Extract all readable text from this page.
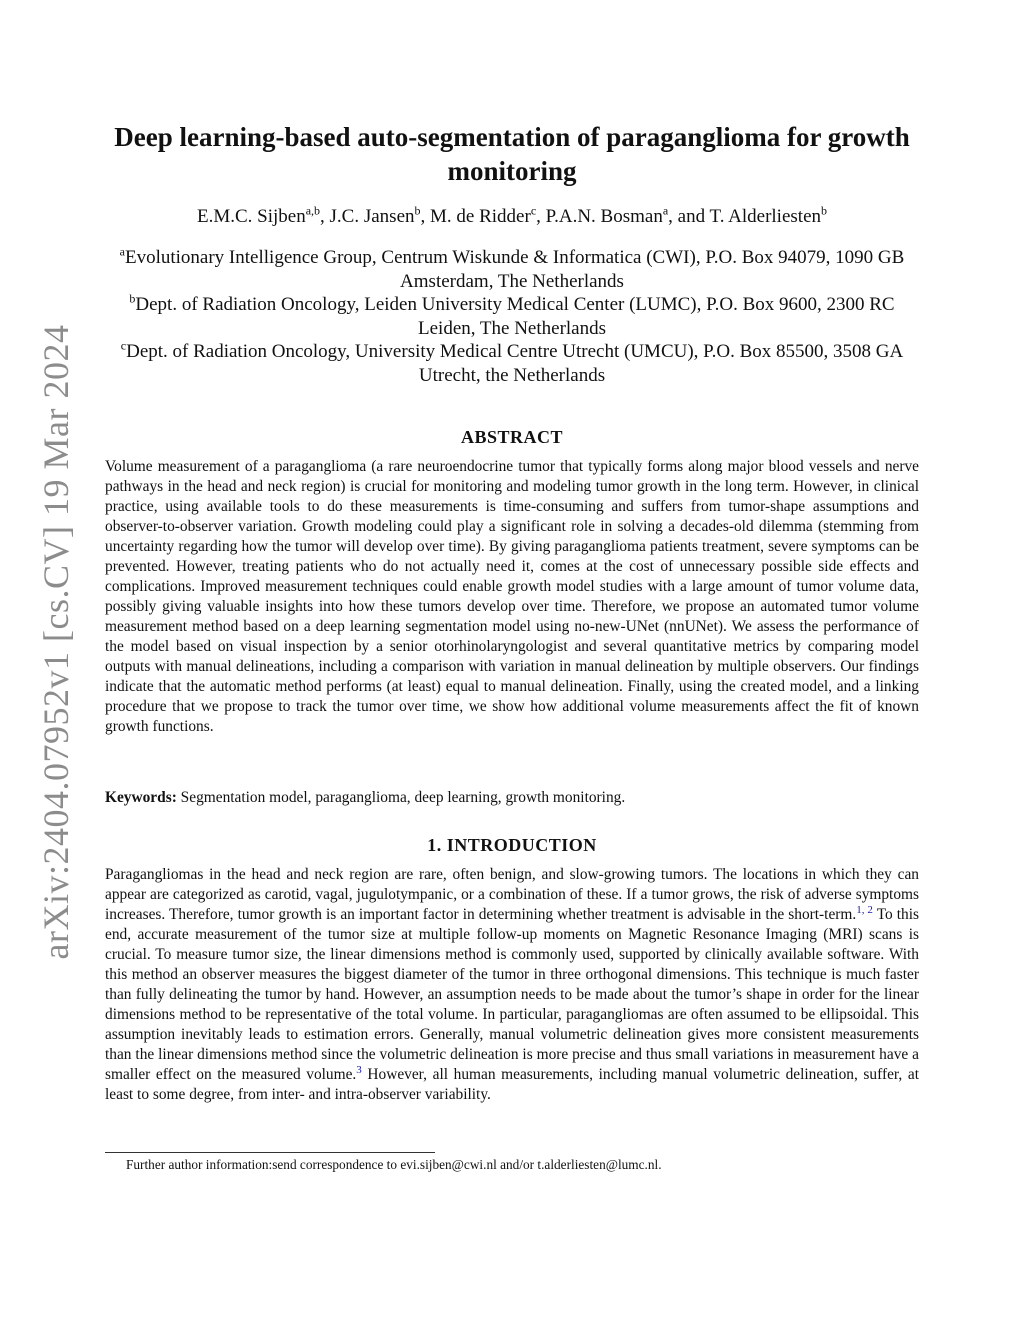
arXiv:2404.07952v1 [cs.CV] 19 Mar 2024
Deep learning-based auto-segmentation of paraganglioma for growth monitoring
E.M.C. Sijben$^{a,b}$, J.C. Jansen$^b$, M. de Ridder$^c$, P.A.N. Bosman$^a$, and T. Alderliesten$^b$

$^a$Evolutionary Intelligence Group, Centrum Wiskunde & Informatica (CWI), P.O. Box 94079, 1090 GB Amsterdam, The Netherlands

$^b$Dept. of Radiation Oncology, Leiden University Medical Center (LUMC), P.O. Box 9600, 2300 RC Leiden, The Netherlands

$^c$Dept. of Radiation Oncology, University Medical Centre Utrecht (UMCU), P.O. Box 85500, 3508 GA Utrecht, the Netherlands

ABSTRACT

Volume measurement of a paraganglioma (a rare neuroendocrine tumor that typically forms along major blood vessels and nerve pathways in the head and neck region) is crucial for monitoring and modeling tumor growth in the long term. However, in clinical practice, using available tools to do these measurements is time-consuming and suffers from tumor-shape assumptions and observer-to-observer variation. Growth modeling could play a significant role in solving a decades-old dilemma (stemming from uncertainty regarding how the tumor will develop over time). By giving paraganglioma patients treatment, severe symptoms can be prevented. However, treating patients who do not actually need it, comes at the cost of unnecessary possible side effects and complications. Improved measurement techniques could enable growth model studies with a large amount of tumor volume data, possibly giving valuable insights into how these tumors develop over time. Therefore, we propose an automated tumor volume measurement method based on a deep learning segmentation model using no-new-UNet (nnUNet). We assess the performance of the model based on visual inspection by a senior otorhinolaryngologist and several quantitative metrics by comparing model outputs with manual delineations, including a comparison with variation in manual delineation by multiple observers. Our findings indicate that the automatic method performs (at least) equal to manual delineation. Finally, using the created model, and a linking procedure that we propose to track the tumor over time, we show how additional volume measurements affect the fit of known growth functions.

Keywords: Segmentation model, paraganglioma, deep learning, growth monitoring.

1. INTRODUCTION

Paragangliomas in the head and neck region are rare, often benign, and slow-growing tumors. The locations in which they can appear are categorized as carotid, vagal, jugulotympanic, or a combination of these. If a tumor grows, the risk of adverse symptoms increases. Therefore, tumor growth is an important factor in determining whether treatment is advisable in the short-term.$^{1, 2}$ To this end, accurate measurement of the tumor size at multiple follow-up moments on Magnetic Resonance Imaging (MRI) scans is crucial. To measure tumor size, the linear dimensions method is commonly used, supported by clinically available software. With this method an observer measures the biggest diameter of the tumor in three orthogonal dimensions. This technique is much faster than fully delineating the tumor by hand. However, an assumption needs to be made about the tumor’s shape in order for the linear dimensions method to be representative of the total volume. In particular, paragangliomas are often assumed to be ellipsoidal. This assumption inevitably leads to estimation errors. Generally, manual volumetric delineation gives more consistent measurements than the linear dimensions method since the volumetric delineation is more precise and thus small variations in measurement have a smaller effect on the measured volume.$^3$ However, all human measurements, including manual volumetric delineation, suffer, at least to some degree, from inter- and intra-observer variability.

Further author information:send correspondence to evi.sijben@cwi.nl and/or t.alderliesten@lumc.nl.
